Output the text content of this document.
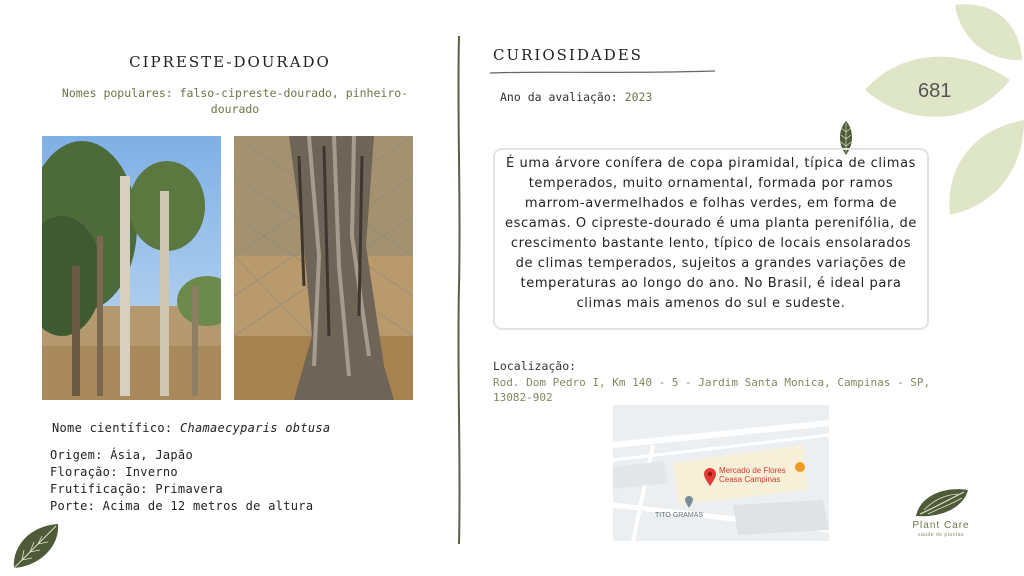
CIPRESTE-DOURADO
Nomes populares: falso-cipreste-dourado, pinheiro-dourado
Nome científico: Chamaecyparis obtusa
Origem: Ásia, Japão
Floração: Inverno
Frutificação: Primavera
Porte: Acima de 12 metros de altura
CURIOSIDADES
Ano da avaliação: 2023
É uma árvore conífera de copa piramidal, típica de climas temperados, muito ornamental, formada por ramos marrom-avermelhados e folhas verdes, em forma de escamas. O cipreste-dourado é uma planta perenifólia, de crescimento bastante lento, típico de locais ensolarados de climas temperados, sujeitos a grandes variações de temperaturas ao longo do ano. No Brasil, é ideal para climas mais amenos do sul e sudeste.
Localização:
Rod. Dom Pedro I, Km 140 - 5 - Jardim Santa Monica, Campinas - SP, 13082-902
Mercado de Flores
Ceasa Campinas
TITO GRAMAS
681
Plant Care
saúde de plantas
